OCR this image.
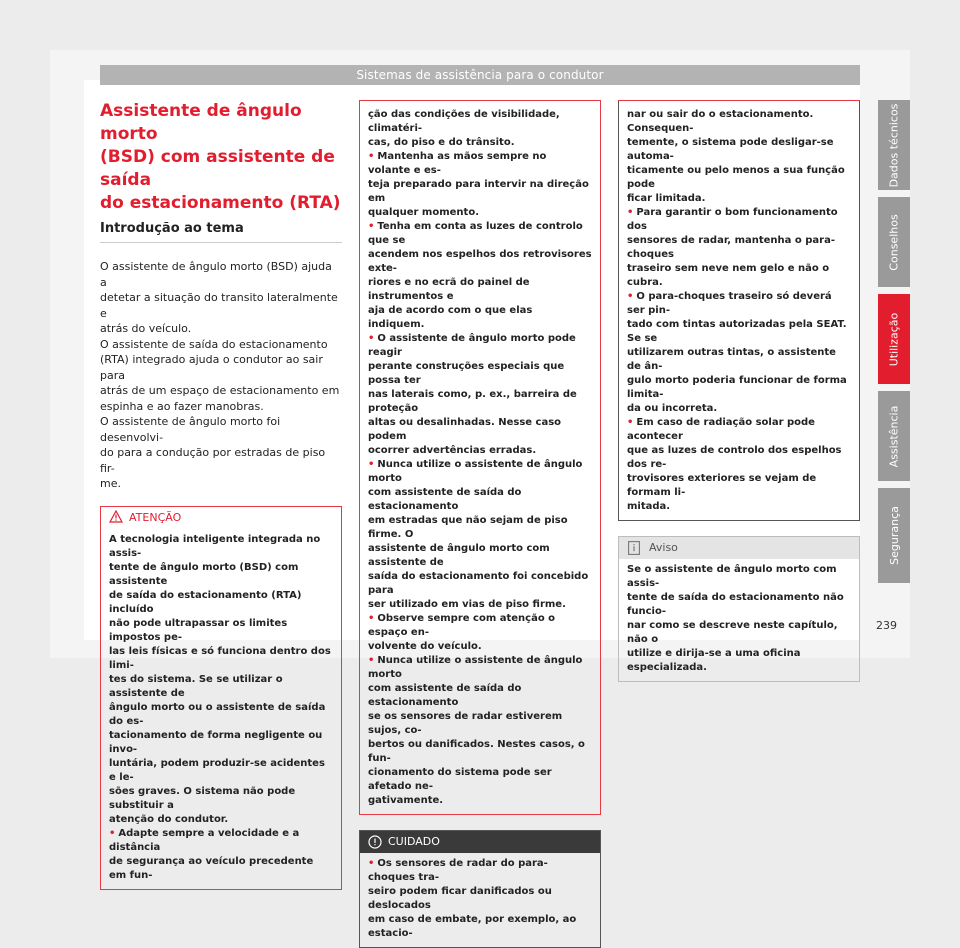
Sistemas de assistência para o condutor
Assistente de ângulo morto
(BSD) com assistente de saída
do estacionamento (RTA)
Introdução ao tema

O assistente de ângulo morto (BSD) ajuda a
detetar a situação do transito lateralmente e
atrás do veículo.

O assistente de saída do estacionamento
(RTA) integrado ajuda o condutor ao sair para
atrás de um espaço de estacionamento em
espinha e ao fazer manobras.

O assistente de ângulo morto foi desenvolvi-
do para a condução por estradas de piso fir-
me.

ATENÇÃO

A tecnologia inteligente integrada no assis-
tente de ângulo morto (BSD) com assistente
de saída do estacionamento (RTA) incluído
não pode ultrapassar os limites impostos pe-
las leis físicas e só funciona dentro dos limi-
tes do sistema. Se se utilizar o assistente de
ângulo morto ou o assistente de saída do es-
tacionamento de forma negligente ou invo-
luntária, podem produzir-se acidentes e le-
sões graves. O sistema não pode substituir a
atenção do condutor.

• Adapte sempre a velocidade e a distância
de segurança ao veículo precedente em fun-

ção das condições de visibilidade, climatéri-
cas, do piso e do trânsito.

• Mantenha as mãos sempre no volante e es-
teja preparado para intervir na direção em
qualquer momento.

• Tenha em conta as luzes de controlo que se
acendem nos espelhos dos retrovisores exte-
riores e no ecrã do painel de instrumentos e
aja de acordo com o que elas indiquem.

• O assistente de ângulo morto pode reagir
perante construções especiais que possa ter
nas laterais como, p. ex., barreira de proteção
altas ou desalinhadas. Nesse caso podem
ocorrer advertências erradas.

• Nunca utilize o assistente de ângulo morto
com assistente de saída do estacionamento
em estradas que não sejam de piso firme. O
assistente de ângulo morto com assistente de
saída do estacionamento foi concebido para
ser utilizado em vias de piso firme.

• Observe sempre com atenção o espaço en-
volvente do veículo.

• Nunca utilize o assistente de ângulo morto
com assistente de saída do estacionamento
se os sensores de radar estiverem sujos, co-
bertos ou danificados. Nestes casos, o fun-
cionamento do sistema pode ser afetado ne-
gativamente.

CUIDADO

• Os sensores de radar do para-choques tra-
seiro podem ficar danificados ou deslocados
em caso de embate, por exemplo, ao estacio-

nar ou sair do o estacionamento. Consequen-
temente, o sistema pode desligar-se automa-
ticamente ou pelo menos a sua função pode
ficar limitada.

• Para garantir o bom funcionamento dos
sensores de radar, mantenha o para-choques
traseiro sem neve nem gelo e não o cubra.

• O para-choques traseiro só deverá ser pin-
tado com tintas autorizadas pela SEAT. Se se
utilizarem outras tintas, o assistente de ân-
gulo morto poderia funcionar de forma limita-
da ou incorreta.

• Em caso de radiação solar pode acontecer
que as luzes de controlo dos espelhos dos re-
trovisores exteriores se vejam de formam li-
mitada.

Aviso

Se o assistente de ângulo morto com assis-
tente de saída do estacionamento não funcio-
nar como se descreve neste capítulo, não o
utilize e dirija-se a uma oficina especializada.

Dados técnicos
Conselhos
Utilização
Assistência
Segurança
239
